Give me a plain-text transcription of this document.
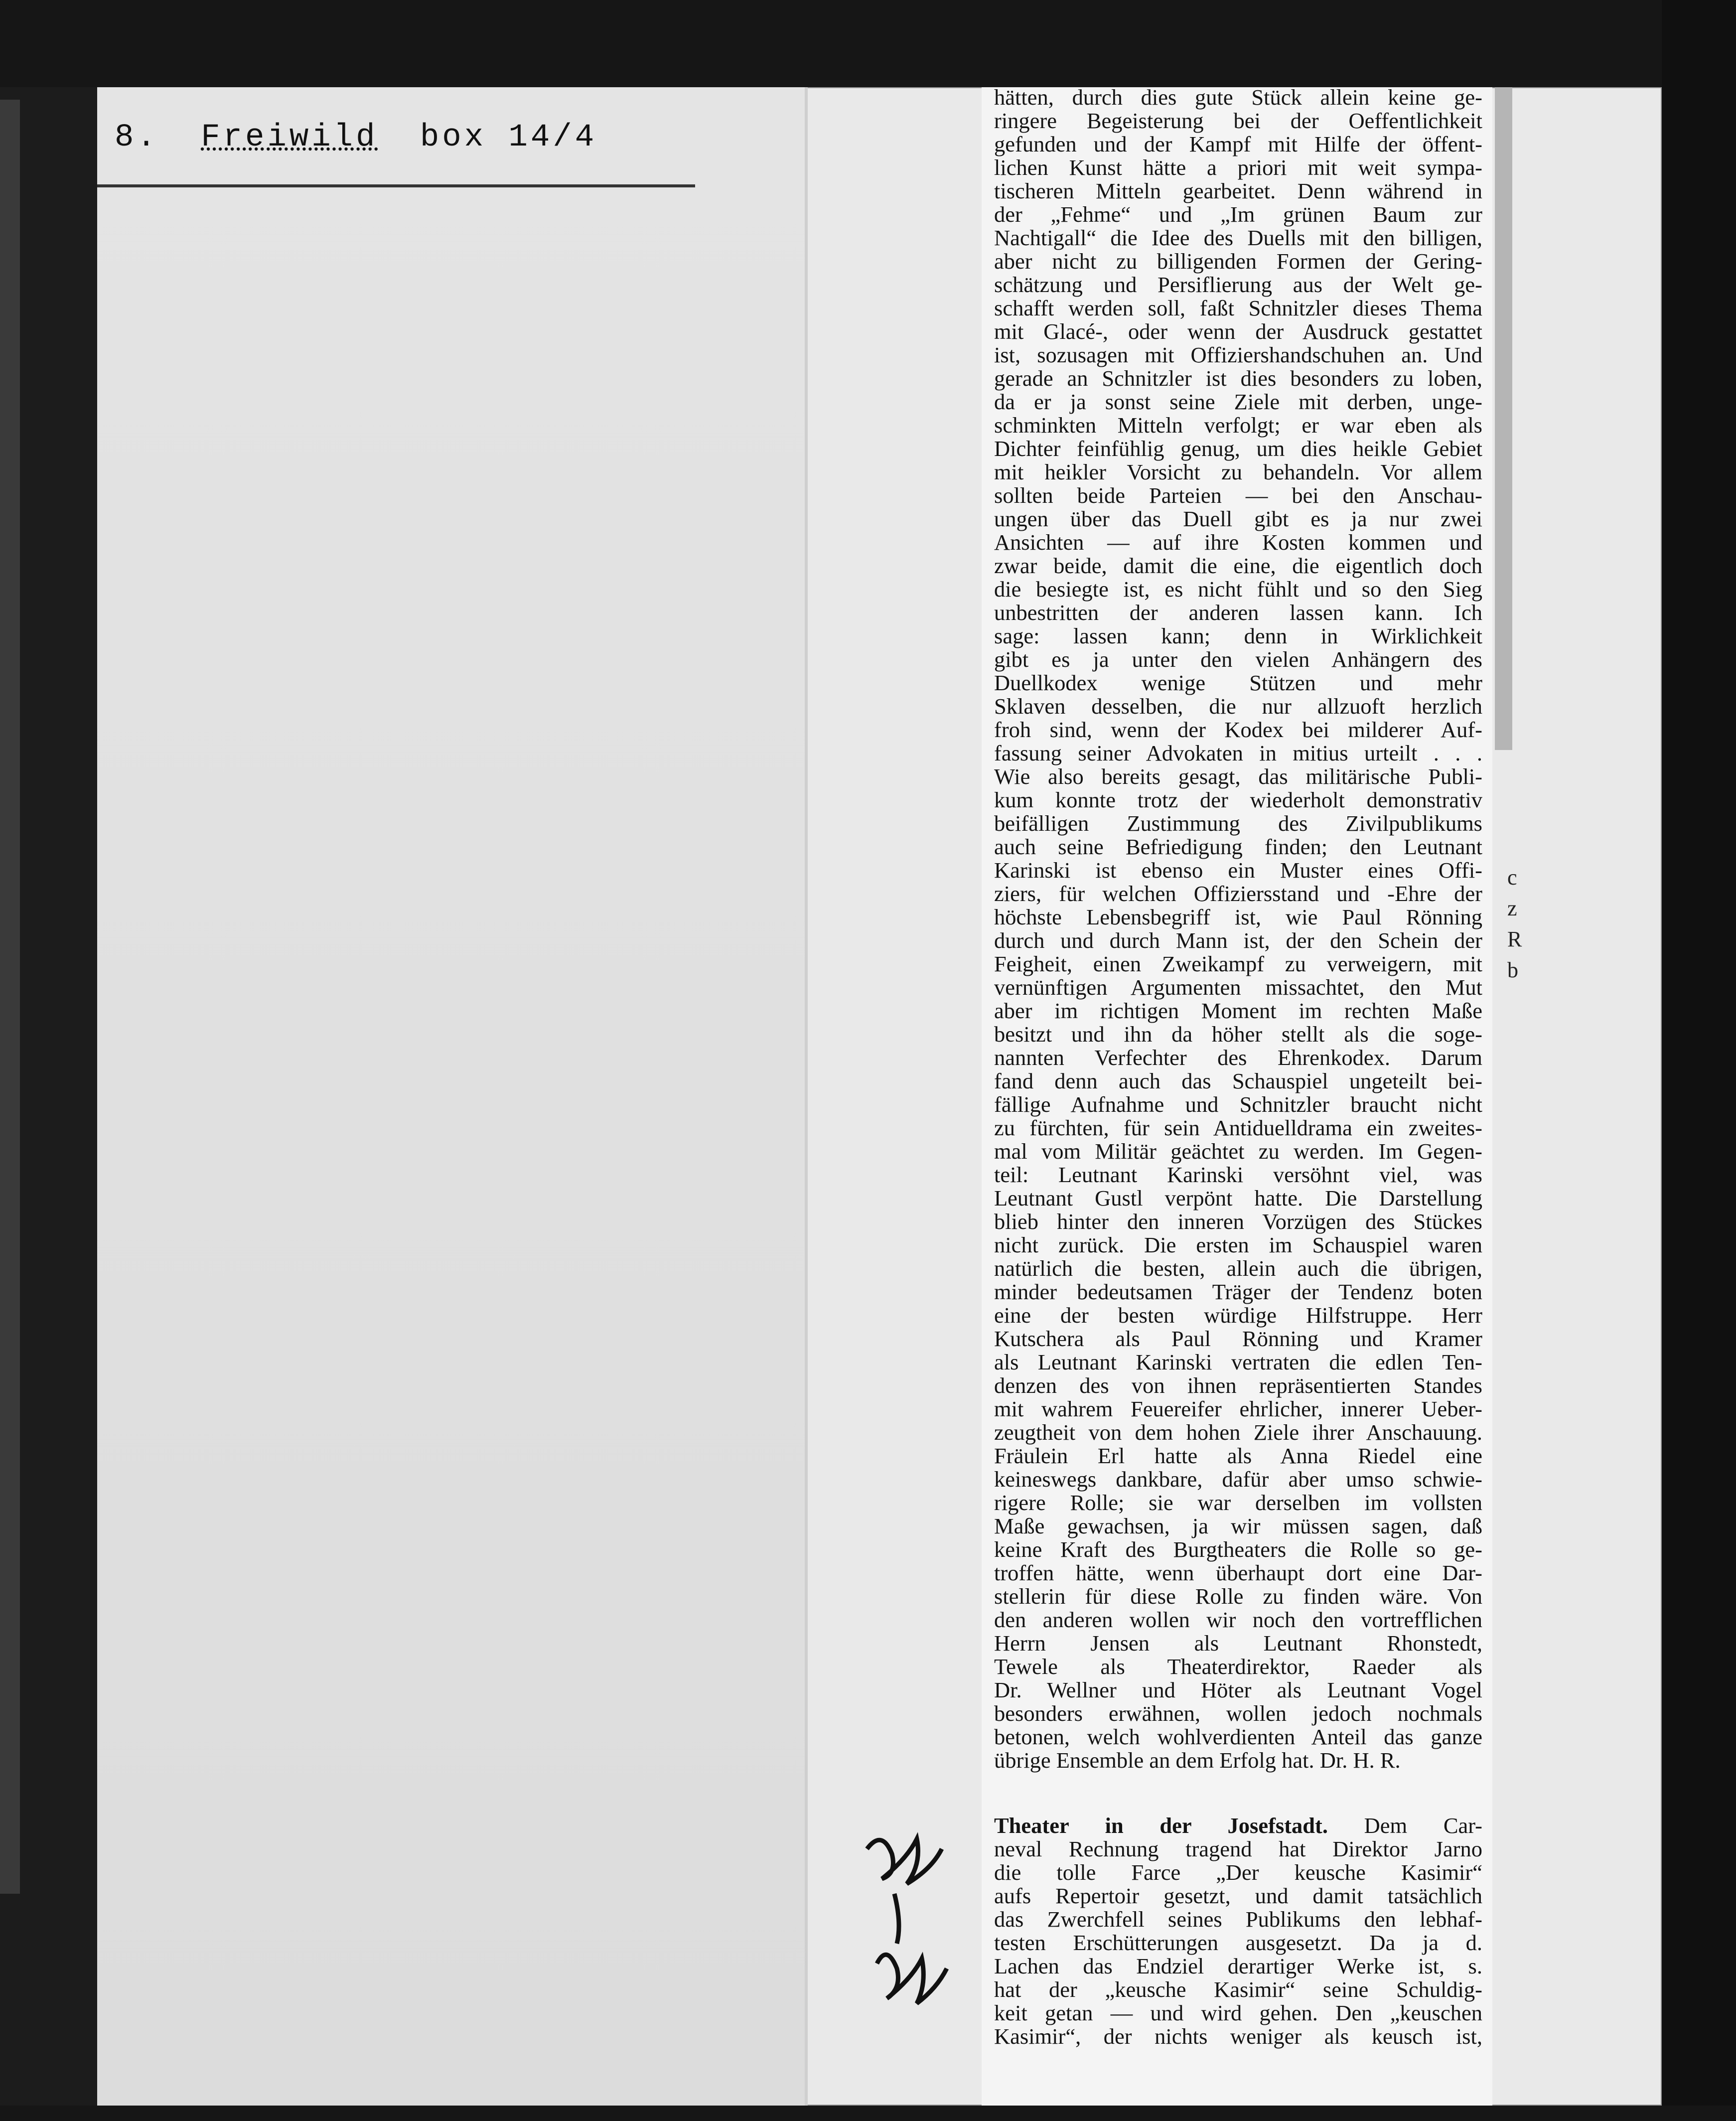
8. Freiwild box 14/4
hätten, durch dies gute Stück allein keine ge-
ringere Begeisterung bei der Oeffentlichkeit
gefunden und der Kampf mit Hilfe der öffent-
lichen Kunst hätte a priori mit weit sympa-
tischeren Mitteln gearbeitet. Denn während in
der „Fehme“ und „Im grünen Baum zur
Nachtigall“ die Idee des Duells mit den billigen,
aber nicht zu billigenden Formen der Gering-
schätzung und Persiflierung aus der Welt ge-
schafft werden soll, faßt Schnitzler dieses Thema
mit Glacé-, oder wenn der Ausdruck gestattet
ist, sozusagen mit Offiziershandschuhen an. Und
gerade an Schnitzler ist dies besonders zu loben,
da er ja sonst seine Ziele mit derben, unge-
schminkten Mitteln verfolgt; er war eben als
Dichter feinfühlig genug, um dies heikle Gebiet
mit heikler Vorsicht zu behandeln. Vor allem
sollten beide Parteien — bei den Anschau-
ungen über das Duell gibt es ja nur zwei
Ansichten — auf ihre Kosten kommen und
zwar beide, damit die eine, die eigentlich doch
die besiegte ist, es nicht fühlt und so den Sieg
unbestritten der anderen lassen kann. Ich
sage: lassen kann; denn in Wirklichkeit
gibt es ja unter den vielen Anhängern des
Duellkodex wenige Stützen und mehr
Sklaven desselben, die nur allzuoft herzlich
froh sind, wenn der Kodex bei milderer Auf-
fassung seiner Advokaten in mitius urteilt . . .
Wie also bereits gesagt, das militärische Publi-
kum konnte trotz der wiederholt demonstrativ
beifälligen Zustimmung des Zivilpublikums
auch seine Befriedigung finden; den Leutnant
Karinski ist ebenso ein Muster eines Offi-
ziers, für welchen Offiziersstand und -Ehre der
höchste Lebensbegriff ist, wie Paul Rönning
durch und durch Mann ist, der den Schein der
Feigheit, einen Zweikampf zu verweigern, mit
vernünftigen Argumenten missachtet, den Mut
aber im richtigen Moment im rechten Maße
besitzt und ihn da höher stellt als die soge-
nannten Verfechter des Ehrenkodex. Darum
fand denn auch das Schauspiel ungeteilt bei-
fällige Aufnahme und Schnitzler braucht nicht
zu fürchten, für sein Antiduelldrama ein zweites-
mal vom Militär geächtet zu werden. Im Gegen-
teil: Leutnant Karinski versöhnt viel, was
Leutnant Gustl verpönt hatte. Die Darstellung
blieb hinter den inneren Vorzügen des Stückes
nicht zurück. Die ersten im Schauspiel waren
natürlich die besten, allein auch die übrigen,
minder bedeutsamen Träger der Tendenz boten
eine der besten würdige Hilfstruppe. Herr
Kutschera als Paul Rönning und Kramer
als Leutnant Karinski vertraten die edlen Ten-
denzen des von ihnen repräsentierten Standes
mit wahrem Feuereifer ehrlicher, innerer Ueber-
zeugtheit von dem hohen Ziele ihrer Anschauung.
Fräulein Erl hatte als Anna Riedel eine
keineswegs dankbare, dafür aber umso schwie-
rigere Rolle; sie war derselben im vollsten
Maße gewachsen, ja wir müssen sagen, daß
keine Kraft des Burgtheaters die Rolle so ge-
troffen hätte, wenn überhaupt dort eine Dar-
stellerin für diese Rolle zu finden wäre. Von
den anderen wollen wir noch den vortrefflichen
Herrn Jensen als Leutnant Rhonstedt,
Tewele als Theaterdirektor, Raeder als
Dr. Wellner und Höter als Leutnant Vogel
besonders erwähnen, wollen jedoch nochmals
betonen, welch wohlverdienten Anteil das ganze
übrige Ensemble an dem Erfolg hat. Dr. H. R.
Theater in der Josefstadt. Dem Car-
neval Rechnung tragend hat Direktor Jarno
die tolle Farce „Der keusche Kasimir“
aufs Repertoir gesetzt, und damit tatsächlich
das Zwerchfell seines Publikums den lebhaf-
testen Erschütterungen ausgesetzt. Da ja d.
Lachen das Endziel derartiger Werke ist, s.
hat der „keusche Kasimir“ seine Schuldig-
keit getan — und wird gehen. Den „keuschen
Kasimir“, der nichts weniger als keusch ist,
c
z
R
b
